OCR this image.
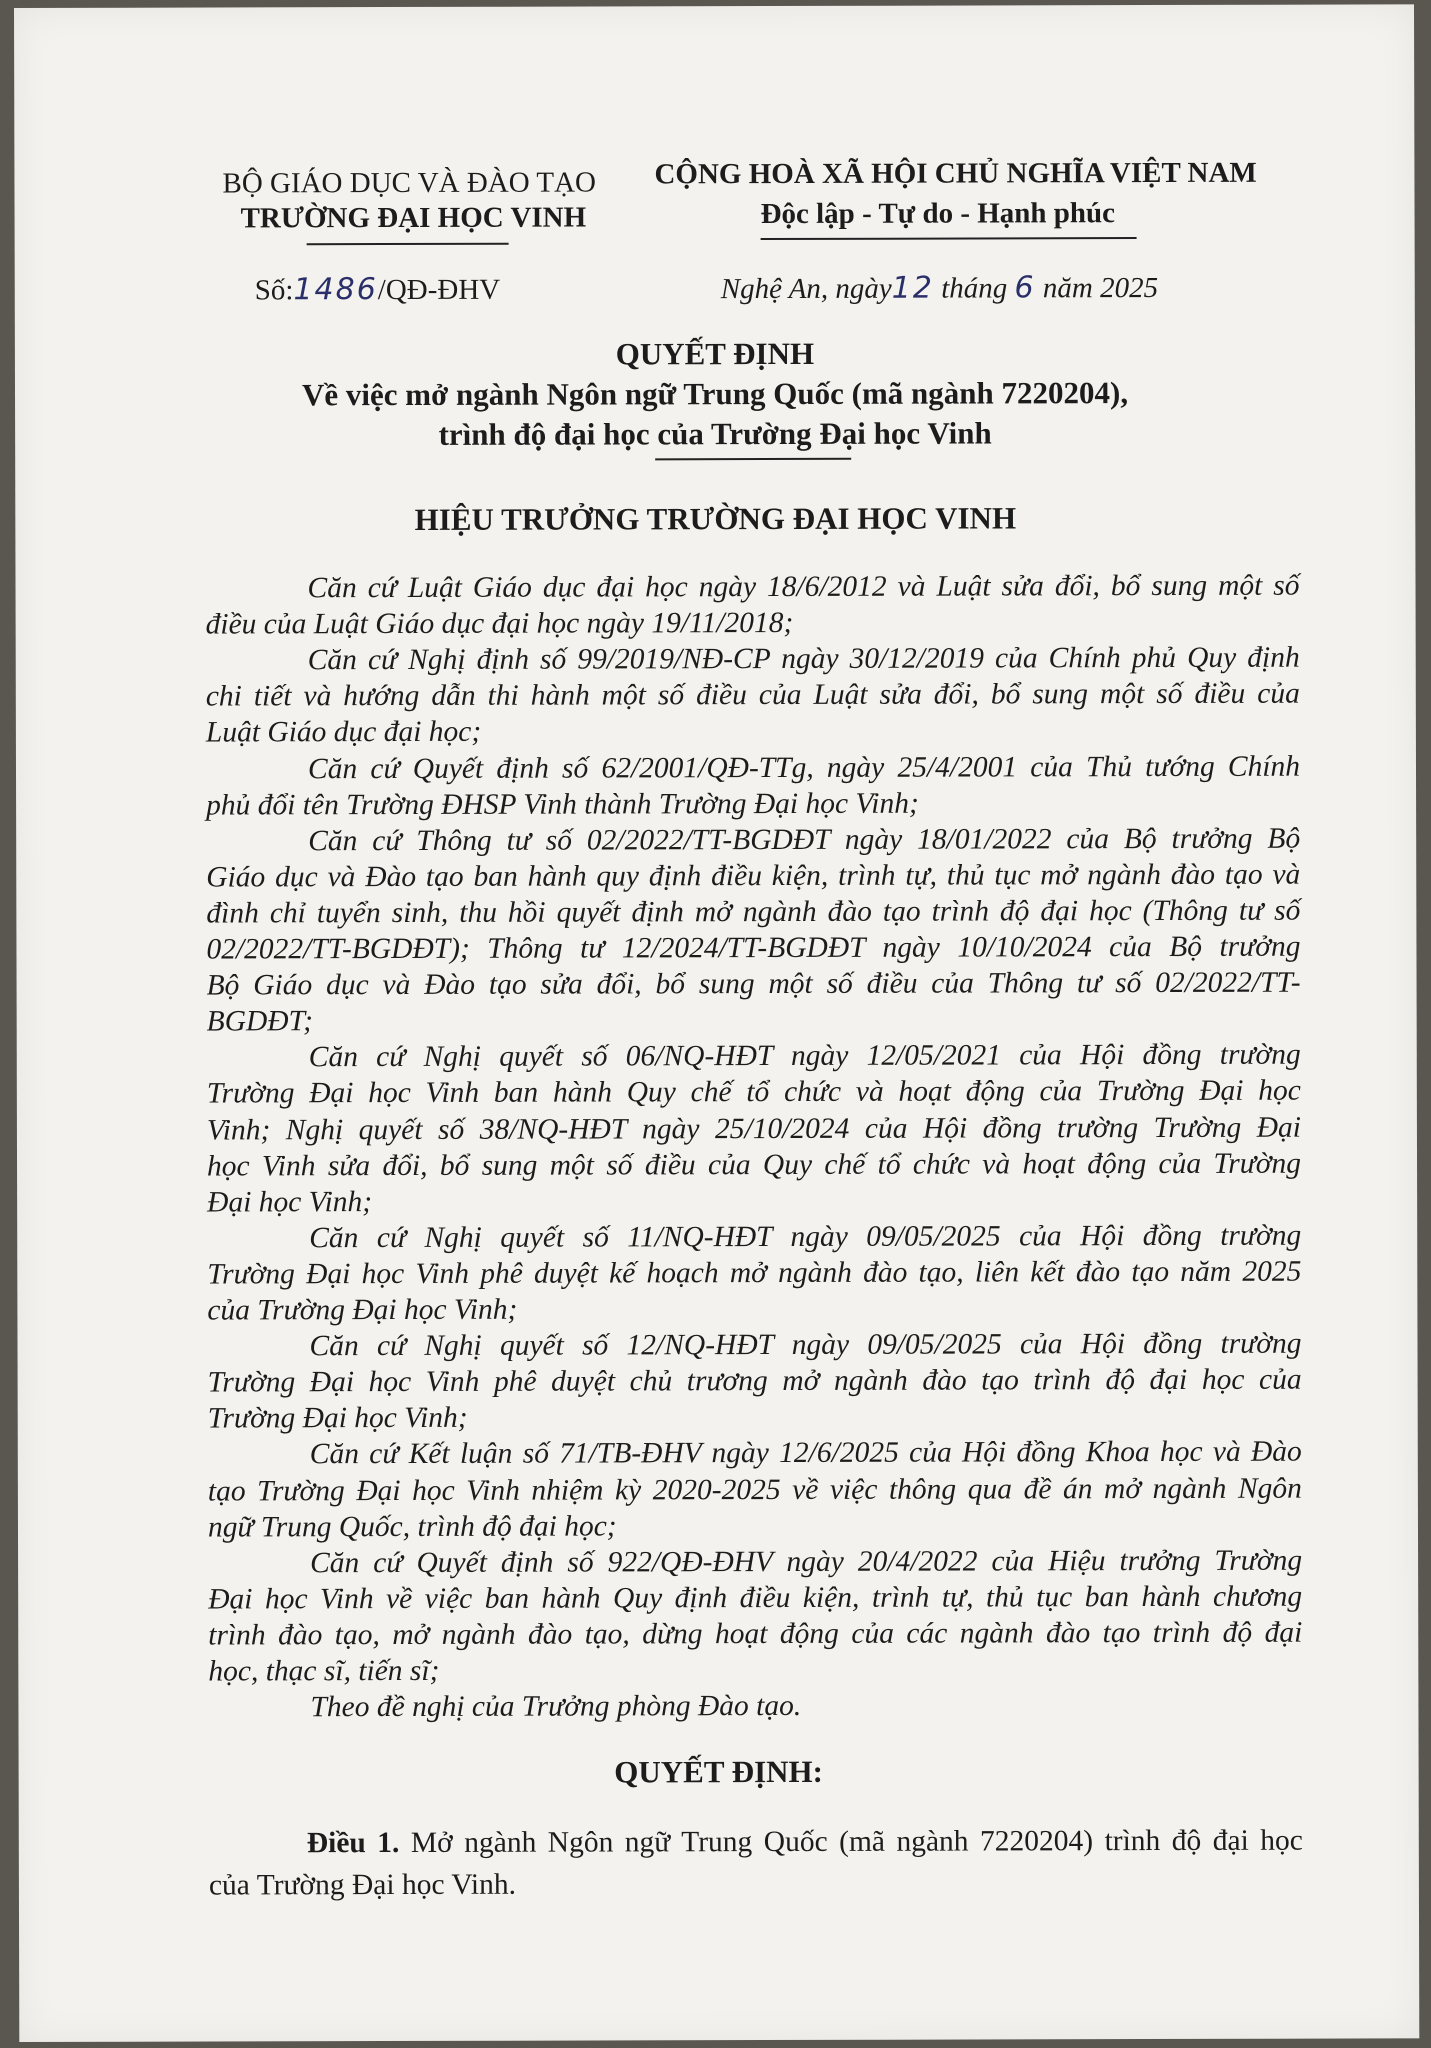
BỘ GIÁO DỤC VÀ ĐÀO TẠO
TRƯỜNG ĐẠI HỌC VINH
CỘNG HOÀ XÃ HỘI CHỦ NGHĨA VIỆT NAM
Độc lập - Tự do - Hạnh phúc
Số:1486/QĐ-ĐHV	Nghệ An, ngày12 tháng 6 năm 2025
QUYẾT ĐỊNH
Về việc mở ngành Ngôn ngữ Trung Quốc (mã ngành 7220204),
trình độ đại học của Trường Đại học Vinh
HIỆU TRƯỞNG TRƯỜNG ĐẠI HỌC VINH
Căn cứ Luật Giáo dục đại học ngày 18/6/2012 và Luật sửa đổi, bổ sung một số
điều của Luật Giáo dục đại học ngày 19/11/2018;
Căn cứ Nghị định số 99/2019/NĐ-CP ngày 30/12/2019 của Chính phủ Quy định
chi tiết và hướng dẫn thi hành một số điều của Luật sửa đổi, bổ sung một số điều của
Luật Giáo dục đại học;
Căn cứ Quyết định số 62/2001/QĐ-TTg, ngày 25/4/2001 của Thủ tướng Chính
phủ đổi tên Trường ĐHSP Vinh thành Trường Đại học Vinh;
Căn cứ Thông tư số 02/2022/TT-BGDĐT ngày 18/01/2022 của Bộ trưởng Bộ
Giáo dục và Đào tạo ban hành quy định điều kiện, trình tự, thủ tục mở ngành đào tạo và
đình chỉ tuyển sinh, thu hồi quyết định mở ngành đào tạo trình độ đại học (Thông tư số
02/2022/TT-BGDĐT); Thông tư 12/2024/TT-BGDĐT ngày 10/10/2024 của Bộ trưởng
Bộ Giáo dục và Đào tạo sửa đổi, bổ sung một số điều của Thông tư số 02/2022/TT-
BGDĐT;
Căn cứ Nghị quyết số 06/NQ-HĐT ngày 12/05/2021 của Hội đồng trường
Trường Đại học Vinh ban hành Quy chế tổ chức và hoạt động của Trường Đại học
Vinh; Nghị quyết số 38/NQ-HĐT ngày 25/10/2024 của Hội đồng trường Trường Đại
học Vinh sửa đổi, bổ sung một số điều của Quy chế tổ chức và hoạt động của Trường
Đại học Vinh;
Căn cứ Nghị quyết số 11/NQ-HĐT ngày 09/05/2025 của Hội đồng trường
Trường Đại học Vinh phê duyệt kế hoạch mở ngành đào tạo, liên kết đào tạo năm 2025
của Trường Đại học Vinh;
Căn cứ Nghị quyết số 12/NQ-HĐT ngày 09/05/2025 của Hội đồng trường
Trường Đại học Vinh phê duyệt chủ trương mở ngành đào tạo trình độ đại học của
Trường Đại học Vinh;
Căn cứ Kết luận số 71/TB-ĐHV ngày 12/6/2025 của Hội đồng Khoa học và Đào
tạo Trường Đại học Vinh nhiệm kỳ 2020-2025 về việc thông qua đề án mở ngành Ngôn
ngữ Trung Quốc, trình độ đại học;
Căn cứ Quyết định số 922/QĐ-ĐHV ngày 20/4/2022 của Hiệu trưởng Trường
Đại học Vinh về việc ban hành Quy định điều kiện, trình tự, thủ tục ban hành chương
trình đào tạo, mở ngành đào tạo, dừng hoạt động của các ngành đào tạo trình độ đại
học, thạc sĩ, tiến sĩ;
Theo đề nghị của Trưởng phòng Đào tạo.
QUYẾT ĐỊNH:
Điều 1. Mở ngành Ngôn ngữ Trung Quốc (mã ngành 7220204) trình độ đại học
của Trường Đại học Vinh.
